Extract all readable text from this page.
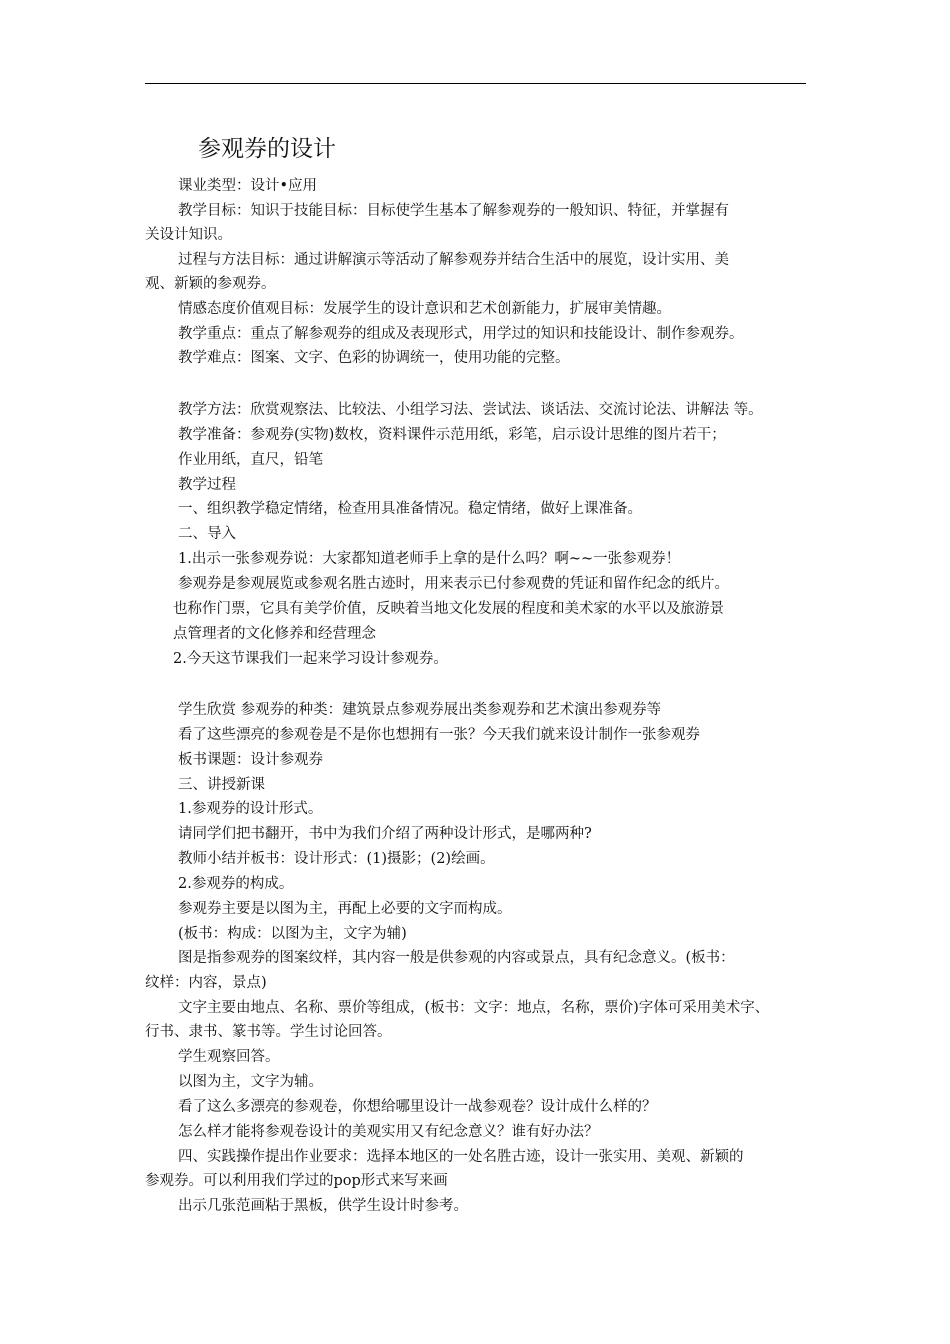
参观券的设计
课业类型：设计•应用
教学目标：知识于技能目标：目标使学生基本了解参观券的一般知识、特征，并掌握有
关设计知识。
过程与方法目标：通过讲解演示等活动了解参观券并结合生活中的展览，设计实用、美
观、新颖的参观券。
情感态度价值观目标：发展学生的设计意识和艺术创新能力，扩展审美情趣。
教学重点：重点了解参观券的组成及表现形式，用学过的知识和技能设计、制作参观券。
教学难点：图案、文字、色彩的协调统一，使用功能的完整。
教学方法：欣赏观察法、比较法、小组学习法、尝试法、谈话法、交流讨论法、讲解法 等。
教学准备：参观券(实物)数枚，资料课件示范用纸，彩笔，启示设计思维的图片若干；
作业用纸，直尺，铅笔
教学过程
一、组织教学稳定情绪，检查用具准备情况。稳定情绪，做好上课准备。
二、导入
1.出示一张参观券说：大家都知道老师手上拿的是什么吗？啊~~一张参观券！
参观券是参观展览或参观名胜古迹时，用来表示已付参观费的凭证和留作纪念的纸片。
也称作门票，它具有美学价值，反映着当地文化发展的程度和美术家的水平以及旅游景
点管理者的文化修养和经营理念
2.今天这节课我们一起来学习设计参观券。
学生欣赏 参观券的种类：建筑景点参观券展出类参观券和艺术演出参观券等
看了这些漂亮的参观卷是不是你也想拥有一张？今天我们就来设计制作一张参观券
板书课题：设计参观券
三、讲授新课
1.参观券的设计形式。
请同学们把书翻开，书中为我们介绍了两种设计形式，是哪两种?
教师小结并板书：设计形式：(1)摄影；(2)绘画。
2.参观券的构成。
参观券主要是以图为主，再配上必要的文字而构成。
(板书：构成：以图为主，文字为辅)
图是指参观券的图案纹样，其内容一般是供参观的内容或景点，具有纪念意义。(板书：
纹样：内容，景点)
文字主要由地点、名称、票价等组成，(板书：文字：地点，名称，票价)字体可采用美术字、
行书、隶书、篆书等。学生讨论回答。
学生观察回答。
以图为主，文字为辅。
看了这么多漂亮的参观卷，你想给哪里设计一战参观卷？设计成什么样的？
怎么样才能将参观卷设计的美观实用又有纪念意义？谁有好办法？
四、实践操作提出作业要求：选择本地区的一处名胜古迹，设计一张实用、美观、新颖的
参观券。可以利用我们学过的pop形式来写来画
出示几张范画粘于黑板，供学生设计时参考。
